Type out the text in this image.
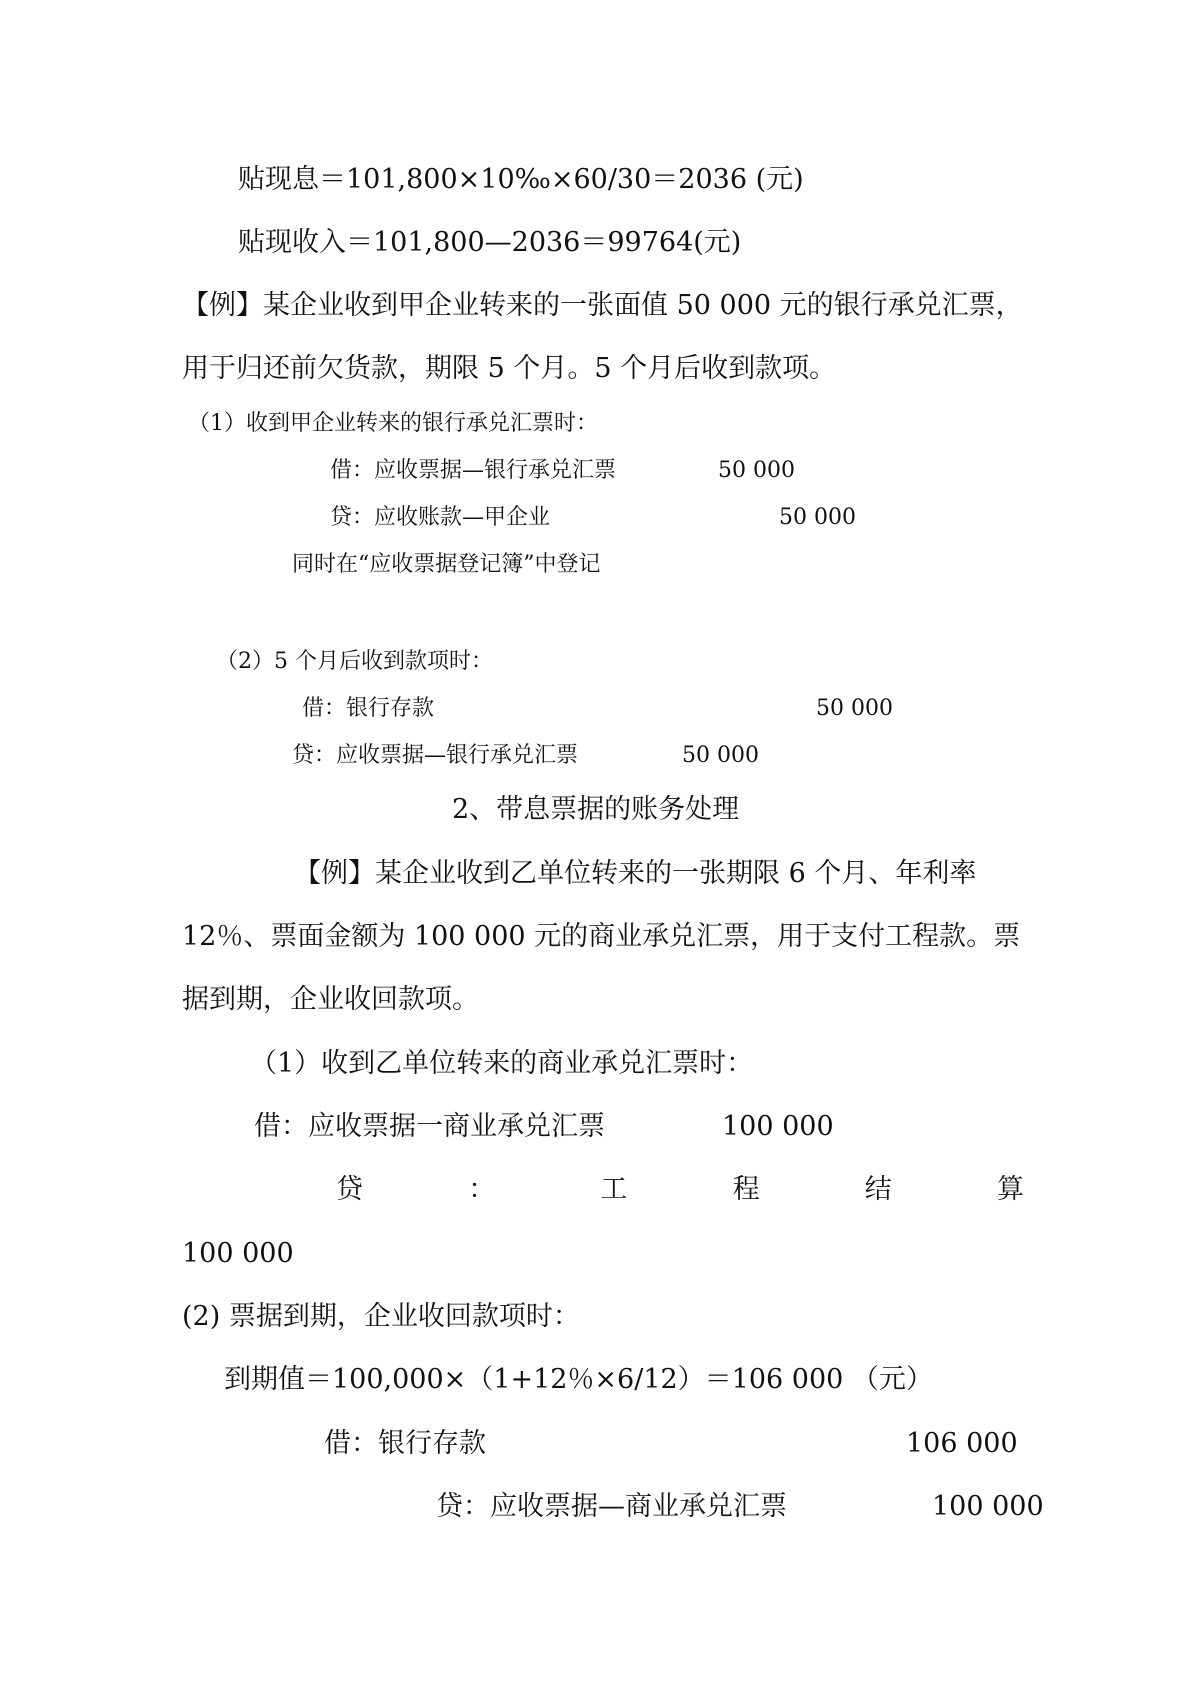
贴现息＝101,800×10‰×60/30＝2036 (元)
贴现收入＝101,800—2036＝99764(元)
【例】某企业收到甲企业转来的一张面值 50 000 元的银行承兑汇票，
用于归还前欠货款，期限 5 个月。5 个月后收到款项。
（1）收到甲企业转来的银行承兑汇票时：
借：应收票据—银行承兑汇票	50 000
贷：应收账款—甲企业	50 000
同时在“应收票据登记簿”中登记
（2）5 个月后收到款项时：
借：银行存款	50 000
贷：应收票据—银行承兑汇票	50 000
2、带息票据的账务处理
【例】某企业收到乙单位转来的一张期限 6 个月、年利率
12％、票面金额为 100 000 元的商业承兑汇票，用于支付工程款。票
据到期，企业收回款项。
（1）收到乙单位转来的商业承兑汇票时：
借：应收票据一商业承兑汇票	100 000
贷	：	工	程	结	算
100 000
(2) 票据到期，企业收回款项时：
到期值＝100,000×（1+12％×6/12）＝106 000 （元）
借：银行存款	106 000
贷：应收票据—商业承兑汇票	100 000
